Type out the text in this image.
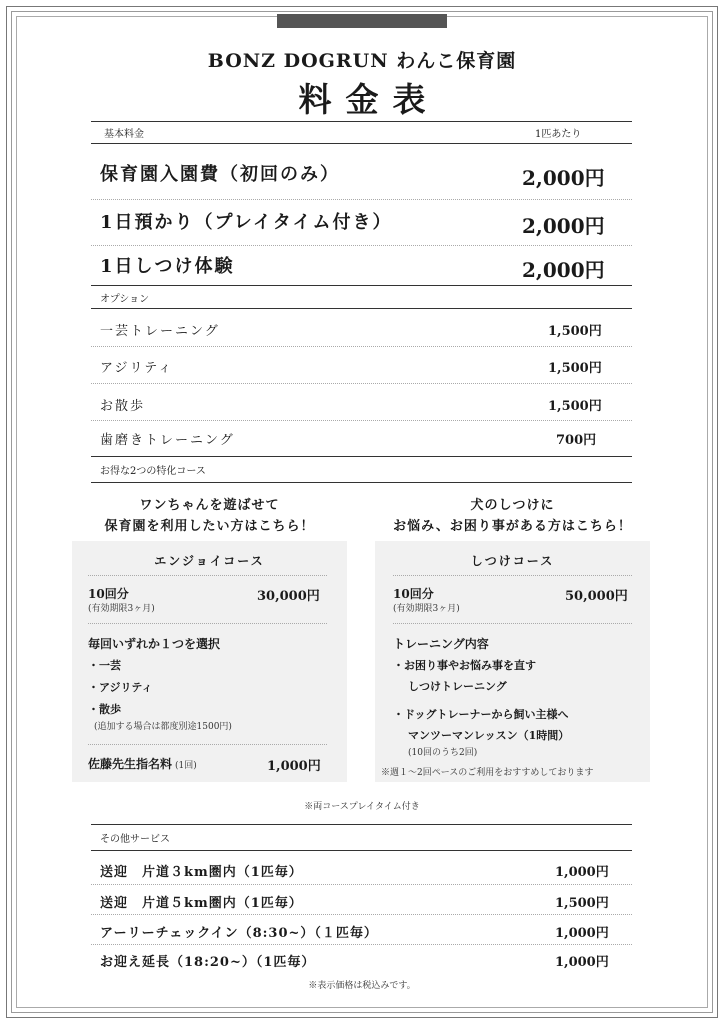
BONZ DOGRUN わんこ保育園
料金表
基本料金	1匹あたり
保育園入園費（初回のみ）	2,000円
1日預かり（プレイタイム付き）	2,000円
1日しつけ体験	2,000円
オプション
一芸トレーニング	1,500円
アジリティ	1,500円
お散歩	1,500円
歯磨きトレーニング	700円
お得な2つの特化コース
ワンちゃんを遊ばせて
保育園を利用したい方はこちら！
犬のしつけに
お悩み、お困り事がある方はこちら！
エンジョイコース
10回分
(有効期限3ヶ月)
30,000円
毎回いずれか１つを選択
・一芸
・アジリティ
・散歩
(追加する場合は都度別途1500円)
佐藤先生指名料 (1回)	1,000円
しつけコース
10回分
(有効期限3ヶ月)
50,000円
トレーニング内容
・お困り事やお悩み事を直す
しつけトレーニング
・ドッグトレーナーから飼い主様へ
マンツーマンレッスン（1時間）
(10回のうち2回)
※週１～2回ペースのご利用をおすすめしております
※両コースプレイタイム付き
その他サービス
送迎　片道３km圏内（1匹毎）	1,000円
送迎　片道５km圏内（1匹毎）	1,500円
アーリーチェックイン（8:30~）（１匹毎）	1,000円
お迎え延長（18:20~）（1匹毎）	1,000円
※表示価格は税込みです。
